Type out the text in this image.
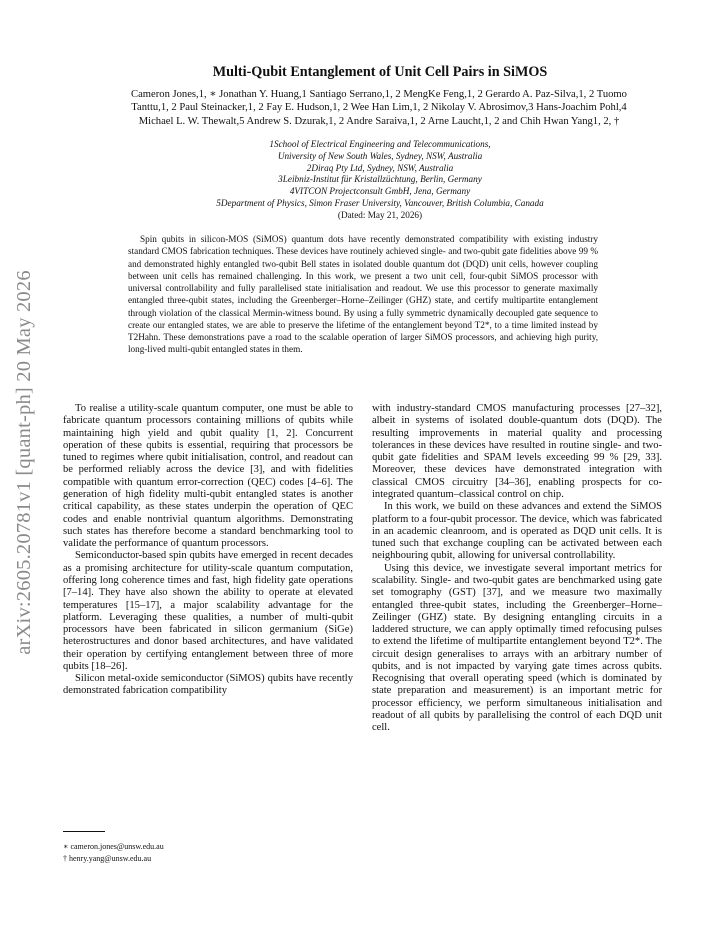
arXiv:2605.20781v1 [quant-ph] 20 May 2026
Multi-Qubit Entanglement of Unit Cell Pairs in SiMOS
Cameron Jones,1, ∗ Jonathan Y. Huang,1 Santiago Serrano,1, 2 MengKe Feng,1, 2 Gerardo A. Paz-Silva,1, 2 Tuomo
Tanttu,1, 2 Paul Steinacker,1, 2 Fay E. Hudson,1, 2 Wee Han Lim,1, 2 Nikolay V. Abrosimov,3 Hans-Joachim Pohl,4
Michael L. W. Thewalt,5 Andrew S. Dzurak,1, 2 Andre Saraiva,1, 2 Arne Laucht,1, 2 and Chih Hwan Yang1, 2, †
1School of Electrical Engineering and Telecommunications,
University of New South Wales, Sydney, NSW, Australia
2Diraq Pty Ltd, Sydney, NSW, Australia
3Leibniz-Institut für Kristallzüchtung, Berlin, Germany
4VITCON Projectconsult GmbH, Jena, Germany
5Department of Physics, Simon Fraser University, Vancouver, British Columbia, Canada
(Dated: May 21, 2026)
Spin qubits in silicon-MOS (SiMOS) quantum dots have recently demonstrated compatibility with existing industry standard CMOS fabrication techniques. These devices have routinely achieved single- and two-qubit gate fidelities above 99 % and demonstrated highly entangled two-qubit Bell states in isolated double quantum dot (DQD) unit cells, however coupling between unit cells has remained challenging. In this work, we present a two unit cell, four-qubit SiMOS processor with universal controllability and fully parallelised state initialisation and readout. We use this processor to generate maximally entangled three-qubit states, including the Greenberger–Horne–Zeilinger (GHZ) state, and certify multipartite entanglement through violation of the classical Mermin-witness bound. By using a fully symmetric dynamically decoupled gate sequence to create our entangled states, we are able to preserve the lifetime of the entanglement beyond T2*, to a time limited instead by T2Hahn. These demonstrations pave a road to the scalable operation of larger SiMOS processors, and achieving high purity, long-lived multi-qubit entangled states in them.

To realise a utility-scale quantum computer, one must be able to fabricate quantum processors containing millions of qubits while maintaining high yield and qubit quality [1, 2]. Concurrent operation of these qubits is essential, requiring that processors be tuned to regimes where qubit initialisation, control, and readout can be performed reliably across the device [3], and with fidelities compatible with quantum error-correction (QEC) codes [4–6]. The generation of high fidelity multi-qubit entangled states is another critical capability, as these states underpin the operation of QEC codes and enable nontrivial quantum algorithms. Demonstrating such states has therefore become a standard benchmarking tool to validate the performance of quantum processors.

Semiconductor-based spin qubits have emerged in recent decades as a promising architecture for utility-scale quantum computation, offering long coherence times and fast, high fidelity gate operations [7–14]. They have also shown the ability to operate at elevated temperatures [15–17], a major scalability advantage for the platform. Leveraging these qualities, a number of multi-qubit processors have been fabricated in silicon germanium (SiGe) heterostructures and donor based architectures, and have validated their operation by certifying entanglement between three of more qubits [18–26].

Silicon metal-oxide semiconductor (SiMOS) qubits have recently demonstrated fabrication compatibility

with industry-standard CMOS manufacturing processes [27–32], albeit in systems of isolated double-quantum dots (DQD). The resulting improvements in material quality and processing tolerances in these devices have resulted in routine single- and two-qubit gate fidelities and SPAM levels exceeding 99 % [29, 33]. Moreover, these devices have demonstrated integration with classical CMOS circuitry [34–36], enabling prospects for co-integrated quantum–classical control on chip.

In this work, we build on these advances and extend the SiMOS platform to a four-qubit processor. The device, which was fabricated in an academic cleanroom, and is operated as DQD unit cells. It is tuned such that exchange coupling can be activated between each neighbouring qubit, allowing for universal controllability.

Using this device, we investigate several important metrics for scalability. Single- and two-qubit gates are benchmarked using gate set tomography (GST) [37], and we measure two maximally entangled three-qubit states, including the Greenberger–Horne–Zeilinger (GHZ) state. By designing entangling circuits in a laddered structure, we can apply optimally timed refocusing pulses to extend the lifetime of multipartite entanglement beyond T2*. The circuit design generalises to arrays with an arbitrary number of qubits, and is not impacted by varying gate times across qubits. Recognising that overall operating speed (which is dominated by state preparation and measurement) is an important metric for processor efficiency, we perform simultaneous initialisation and readout of all qubits by parallelising the control of each DQD unit cell.

∗ cameron.jones@unsw.edu.au
† henry.yang@unsw.edu.au
